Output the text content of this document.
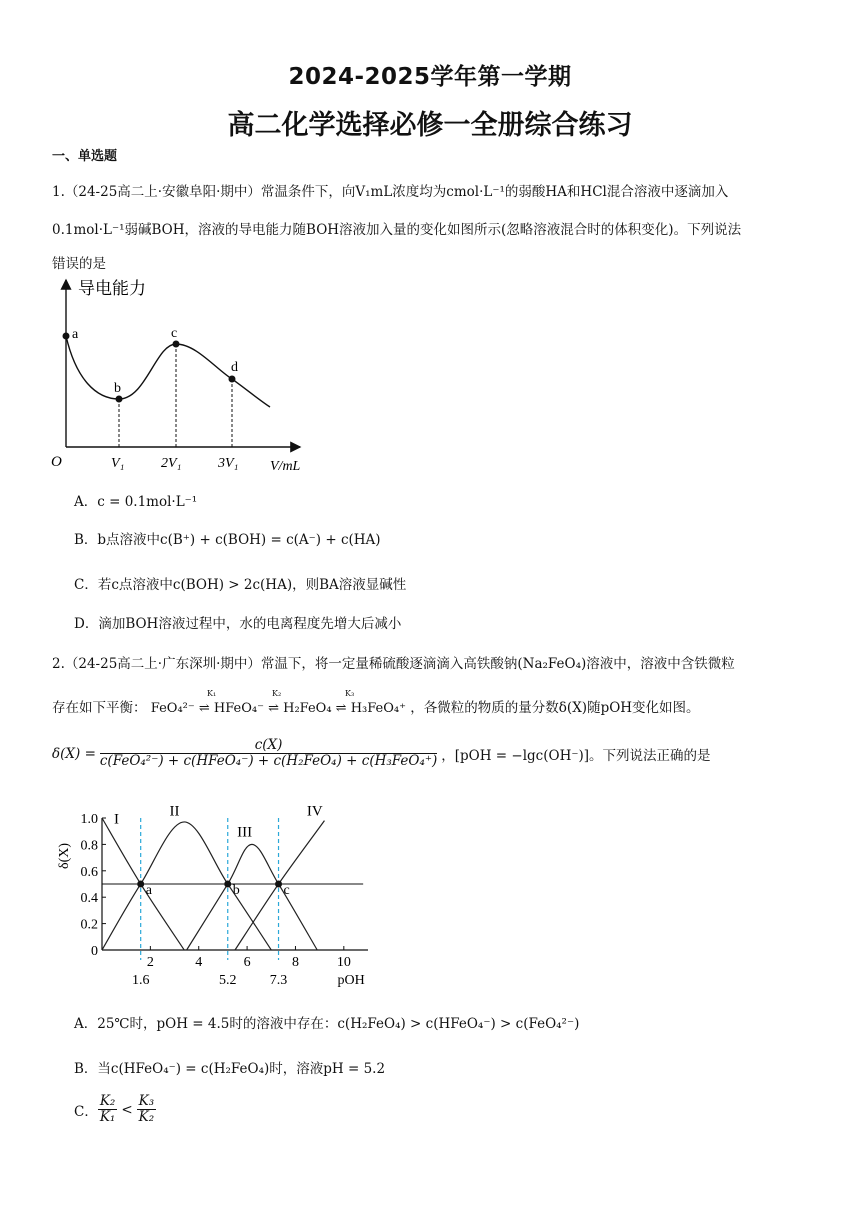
2024-2025学年第一学期
高二化学选择必修一全册综合练习
一、单选题
1.（24-25高二上·安徽阜阳·期中）常温条件下，向V₁mL浓度均为cmol·L⁻¹的弱酸HA和HCl混合溶液中逐滴加入
0.1mol·L⁻¹弱碱BOH，溶液的导电能力随BOH溶液加入量的变化如图所示(忽略溶液混合时的体积变化)。下列说法
错误的是
导电能力
a
b
c
d
O	V₁	2V₁	3V₁ V/mL
A．c = 0.1mol·L⁻¹
B．b点溶液中c(B⁺) + c(BOH) = c(A⁻) + c(HA)
C．若c点溶液中c(BOH) > 2c(HA)，则BA溶液显碱性
D．滴加BOH溶液过程中，水的电离程度先增大后减小
2.（24-25高二上·广东深圳·期中）常温下，将一定量稀硫酸逐滴滴入高铁酸钠(Na₂FeO₄)溶液中，溶液中含铁微粒
存在如下平衡： FeO₄²⁻ ⇌ HFeO₄⁻ ⇌ H₂FeO₄ ⇌ H₃FeO₄⁺ ，各微粒的物质的量分数δ(X)随pOH变化如图。
K₁	K₂	K₃
$\delta(X) = \frac{c(X)}{\text{c(FeO₄²⁻) + c(HFeO₄⁻) + c(H₂FeO₄) + c(H₃FeO₄⁺)}}$ ，[pOH = −lgc(OH⁻)]。下列说法正确的是
0
0.2
0.4
0.6
0.8
1.0
2	4	6	8	10
1.6	5.2 7.3
I	II
III
IV
a	b	c
δ(X)
pOH
A．25℃时，pOH = 4.5时的溶液中存在：c(H₂FeO₄) > c(HFeO₄⁻) > c(FeO₄²⁻)
B．当c(HFeO₄⁻) = c(H₂FeO₄)时，溶液pH = 5.2
C． $\frac{\text{K₂}}{\text{K₁}} < \frac{\text{K₃}}{\text{K₂}}$
